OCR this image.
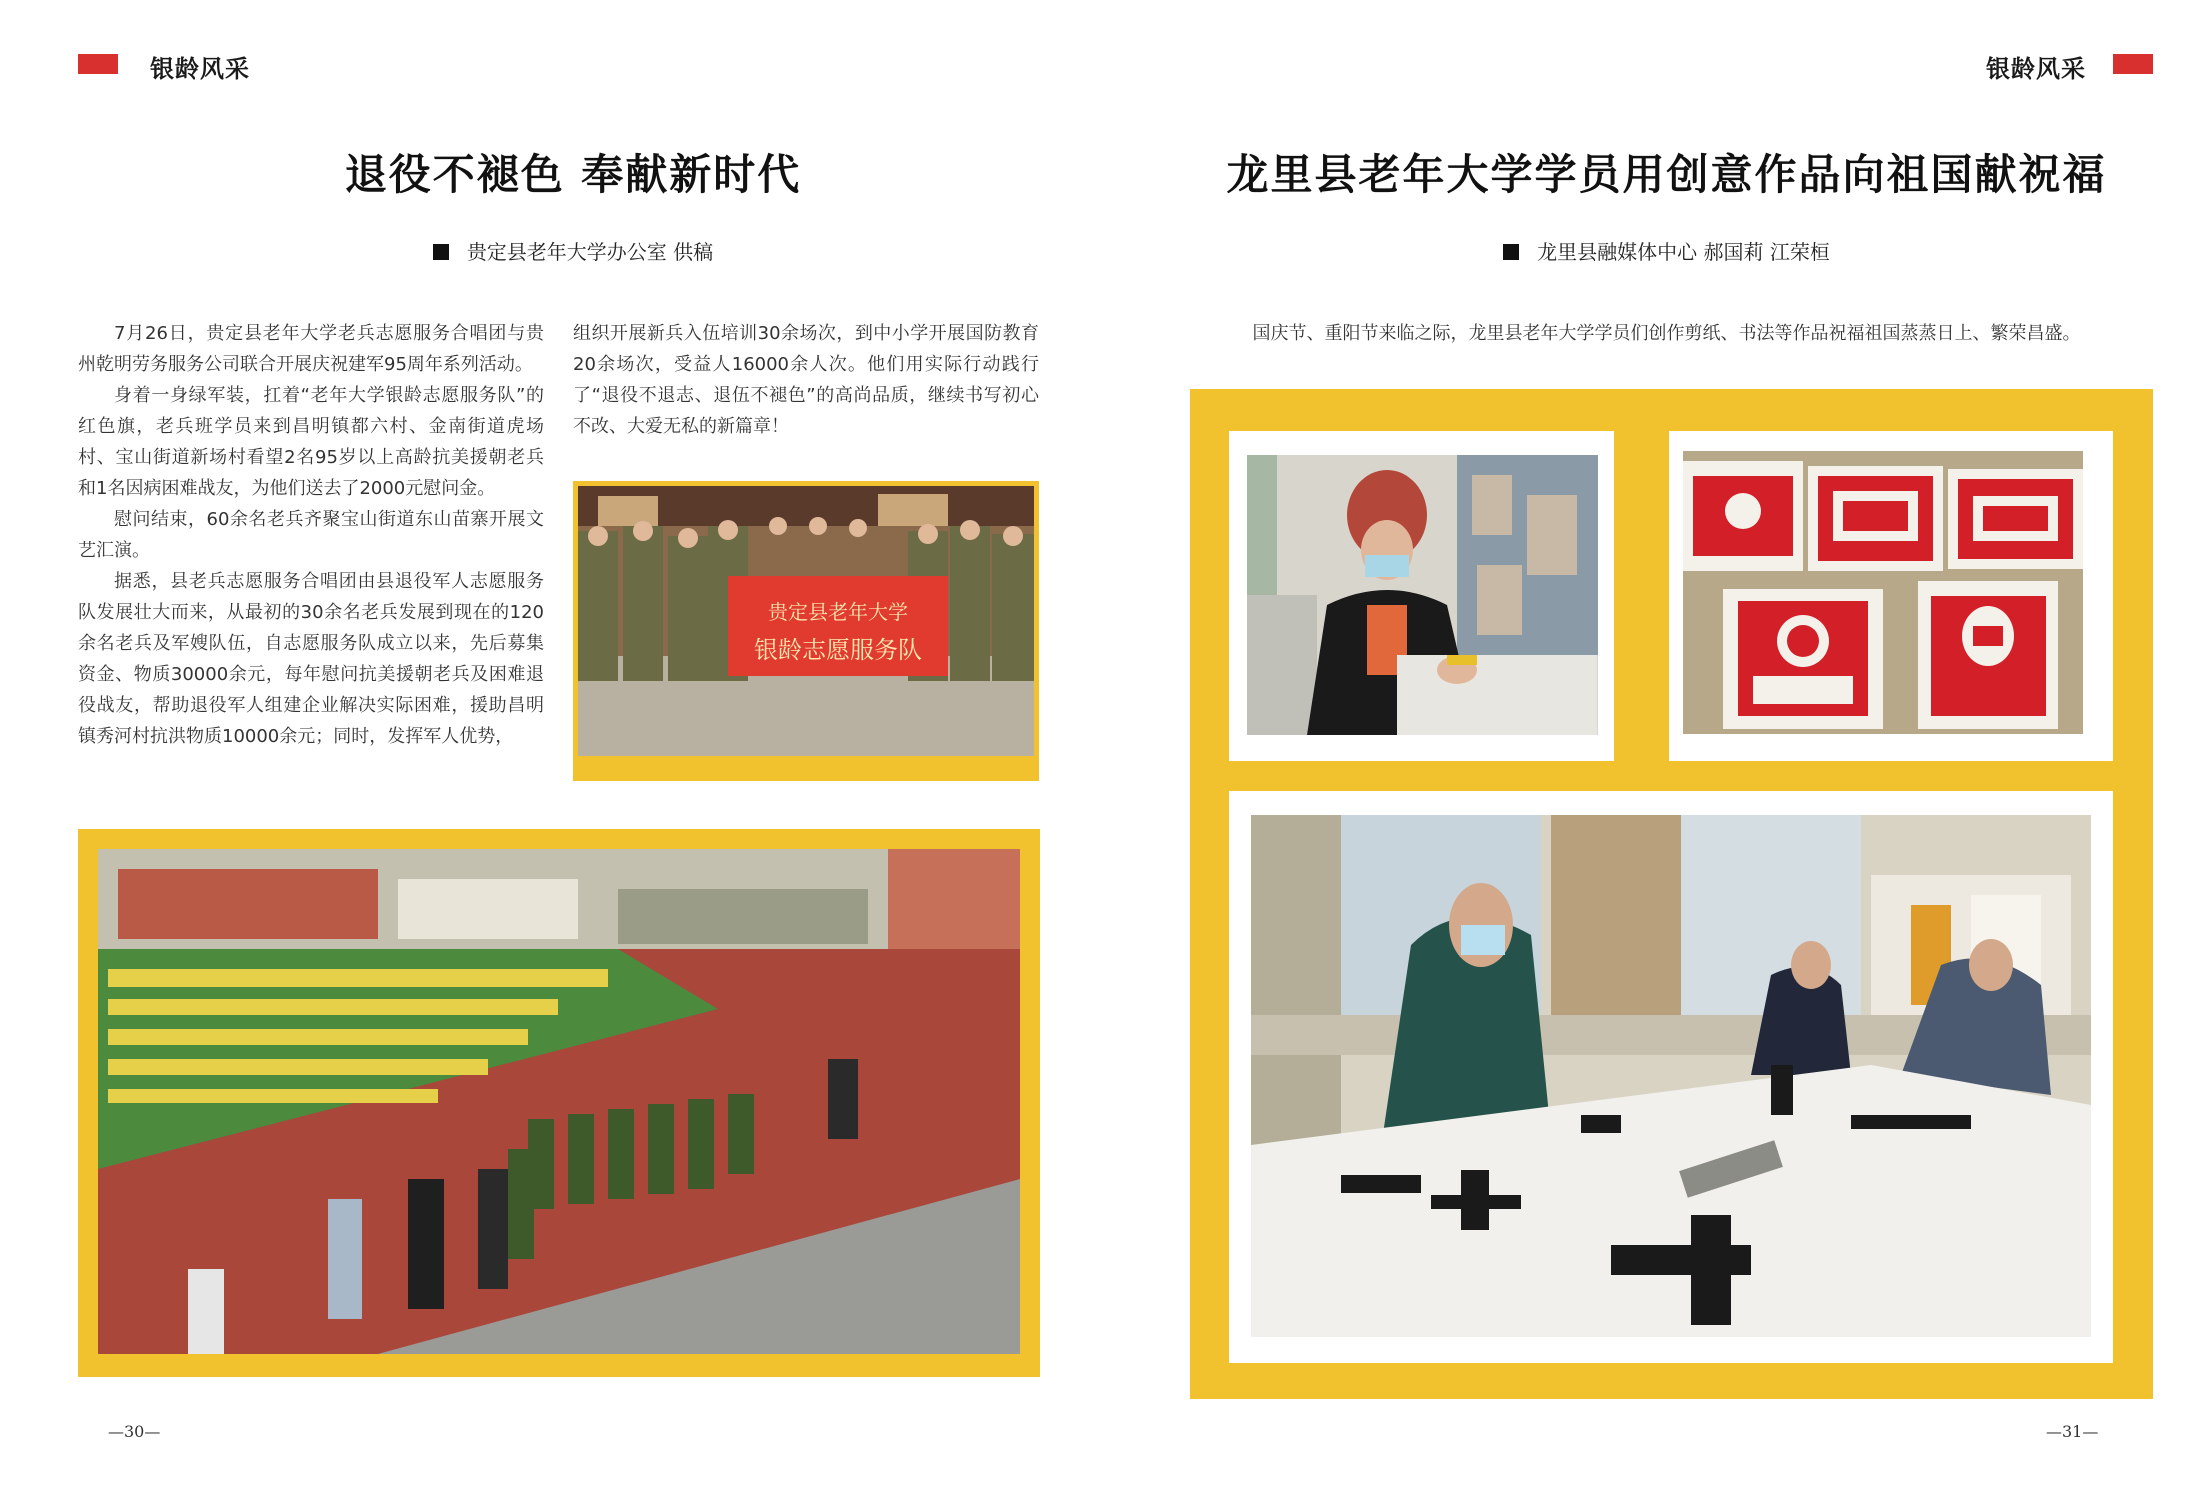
银龄风采
退役不褪色 奉献新时代
贵定县老年大学办公室 供稿

7月26日，贵定县老年大学老兵志愿服务合唱团与贵州乾明劳务服务公司联合开展庆祝建军95周年系列活动。

身着一身绿军装，扛着“老年大学银龄志愿服务队”的红色旗，老兵班学员来到昌明镇都六村、金南街道虎场村、宝山街道新场村看望2名95岁以上高龄抗美援朝老兵和1名因病困难战友，为他们送去了2000元慰问金。

慰问结束，60余名老兵齐聚宝山街道东山苗寨开展文艺汇演。

据悉，县老兵志愿服务合唱团由县退役军人志愿服务队发展壮大而来，从最初的30余名老兵发展到现在的120余名老兵及军嫂队伍，自志愿服务队成立以来，先后募集资金、物质30000余元，每年慰问抗美援朝老兵及困难退役战友，帮助退役军人组建企业解决实际困难，援助昌明镇秀河村抗洪物质10000余元；同时，发挥军人优势，

组织开展新兵入伍培训30余场次，到中小学开展国防教育20余场次，受益人16000余人次。他们用实际行动践行了“退役不退志、退伍不褪色”的高尚品质，继续书写初心不改、大爱无私的新篇章！

贵定县老年大学
银龄志愿服务队
—30—
银龄风采
龙里县老年大学学员用创意作品向祖国献祝福
龙里县融媒体中心 郝国莉 江荣桓
国庆节、重阳节来临之际，龙里县老年大学学员们创作剪纸、书法等作品祝福祖国蒸蒸日上、繁荣昌盛。
—31—
